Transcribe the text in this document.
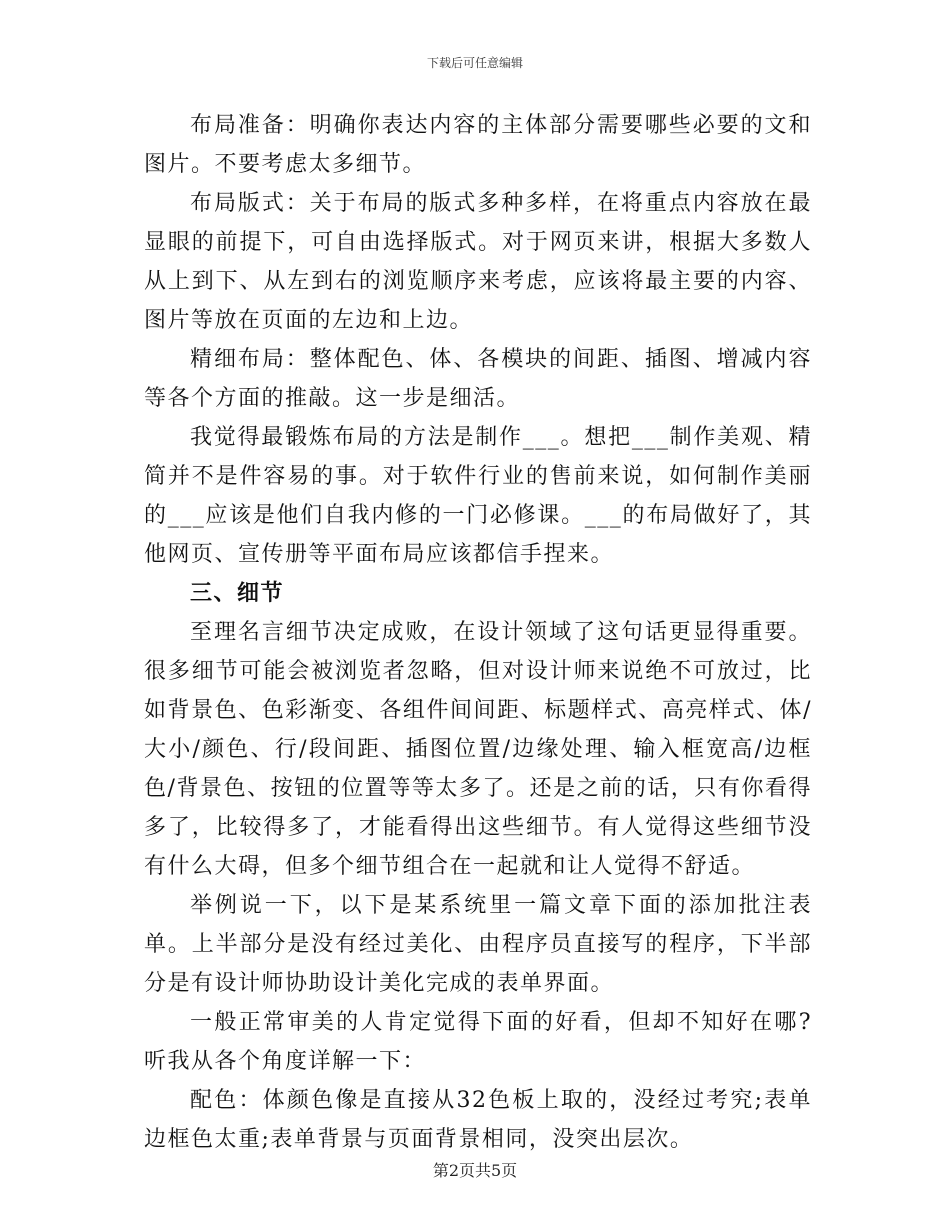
下载后可任意编辑

布局准备：明确你表达内容的主体部分需要哪些必要的文和图片。不要考虑太多细节。

布局版式：关于布局的版式多种多样，在将重点内容放在最显眼的前提下，可自由选择版式。对于网页来讲，根据大多数人从上到下、从左到右的浏览顺序来考虑，应该将最主要的内容、图片等放在页面的左边和上边。

精细布局：整体配色、体、各模块的间距、插图、增减内容等各个方面的推敲。这一步是细活。

我觉得最锻炼布局的方法是制作___。想把___制作美观、精简并不是件容易的事。对于软件行业的售前来说，如何制作美丽的___应该是他们自我内修的一门必修课。___的布局做好了，其他网页、宣传册等平面布局应该都信手捏来。

三、细节

至理名言细节决定成败，在设计领域了这句话更显得重要。很多细节可能会被浏览者忽略，但对设计师来说绝不可放过，比如背景色、色彩渐变、各组件间间距、标题样式、高亮样式、体/大小/颜色、行/段间距、插图位置/边缘处理、输入框宽高/边框色/背景色、按钮的位置等等太多了。还是之前的话，只有你看得多了，比较得多了，才能看得出这些细节。有人觉得这些细节没有什么大碍，但多个细节组合在一起就和让人觉得不舒适。

举例说一下，以下是某系统里一篇文章下面的添加批注表单。上半部分是没有经过美化、由程序员直接写的程序，下半部分是有设计师协助设计美化完成的表单界面。

一般正常审美的人肯定觉得下面的好看，但却不知好在哪?听我从各个角度详解一下：

配色：体颜色像是直接从32色板上取的，没经过考究;表单边框色太重;表单背景与页面背景相同，没突出层次。

第2页共5页
